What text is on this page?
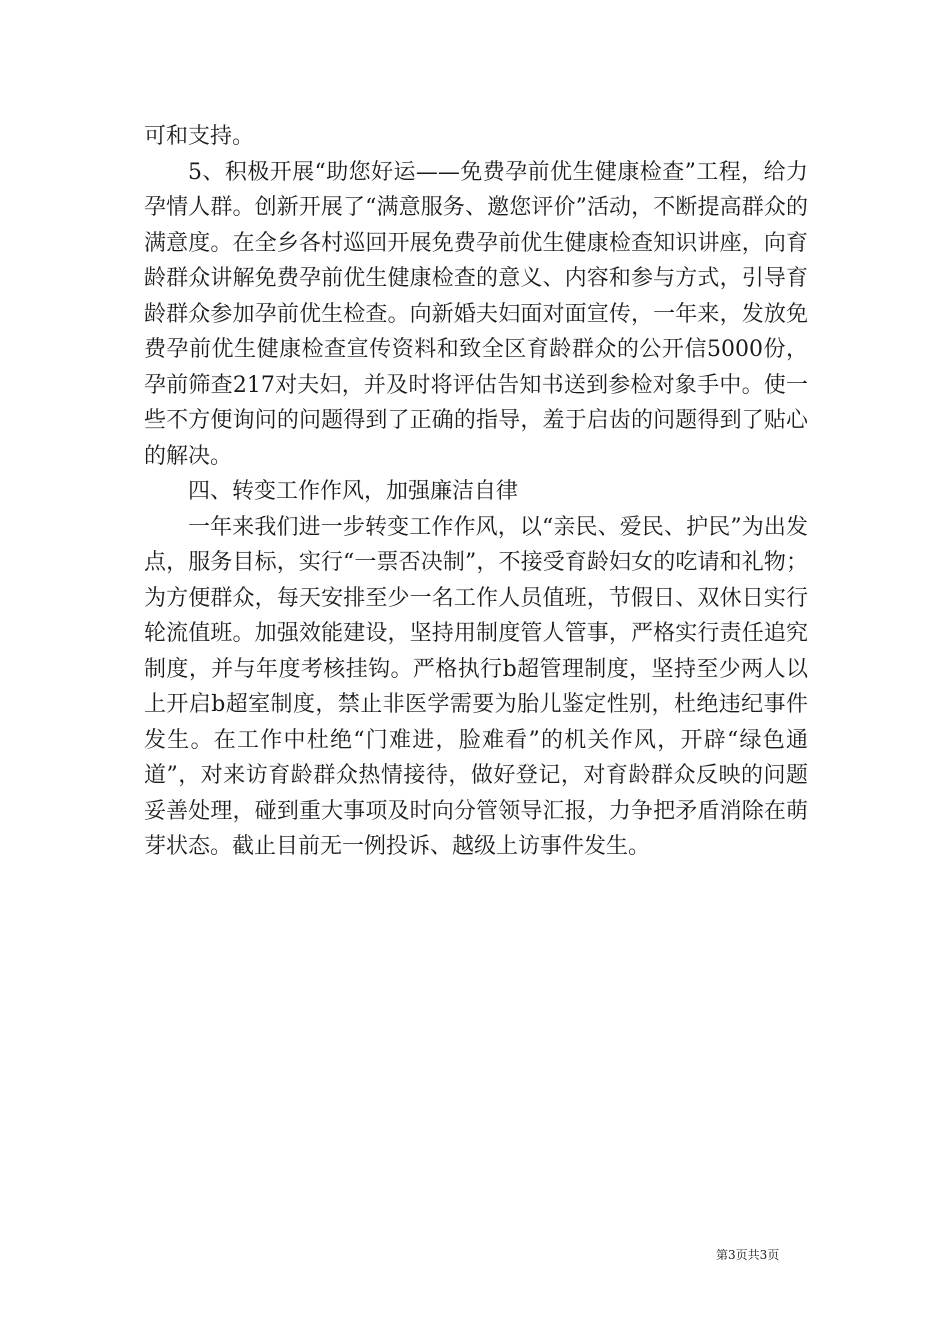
可和支持。

5、积极开展“助您好运——免费孕前优生健康检查”工程，给力孕情人群。创新开展了“满意服务、邀您评价”活动，不断提高群众的满意度。在全乡各村巡回开展免费孕前优生健康检查知识讲座，向育龄群众讲解免费孕前优生健康检查的意义、内容和参与方式，引导育龄群众参加孕前优生检查。向新婚夫妇面对面宣传，一年来，发放免费孕前优生健康检查宣传资料和致全区育龄群众的公开信5000份，孕前筛查217对夫妇，并及时将评估告知书送到参检对象手中。使一些不方便询问的问题得到了正确的指导，羞于启齿的问题得到了贴心的解决。

四、转变工作作风，加强廉洁自律

一年来我们进一步转变工作作风，以“亲民、爱民、护民”为出发点，服务目标，实行“一票否决制”，不接受育龄妇女的吃请和礼物；为方便群众，每天安排至少一名工作人员值班，节假日、双休日实行轮流值班。加强效能建设，坚持用制度管人管事，严格实行责任追究制度，并与年度考核挂钩。严格执行b超管理制度，坚持至少两人以上开启b超室制度，禁止非医学需要为胎儿鉴定性别，杜绝违纪事件发生。在工作中杜绝“门难进，脸难看”的机关作风，开辟“绿色通道”，对来访育龄群众热情接待，做好登记，对育龄群众反映的问题妥善处理，碰到重大事项及时向分管领导汇报，力争把矛盾消除在萌芽状态。截止目前无一例投诉、越级上访事件发生。

第3页共3页
